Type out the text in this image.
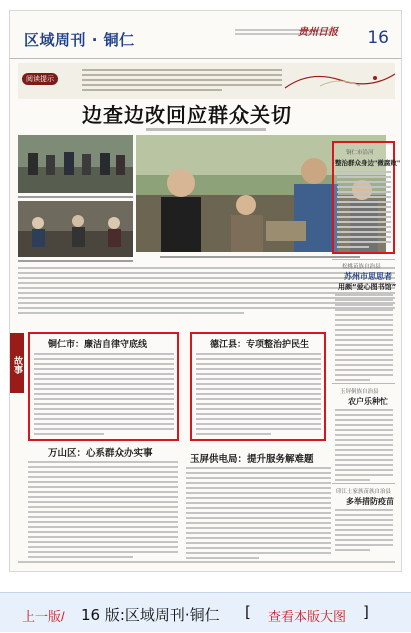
区域周刊 · 铜仁	贵州日报 16
阅读提示
边查边改回应群众关切
故事
铜仁市：廉洁自律守底线	德江县：专项整治护民生
万山区：心系群众办实事
玉屏供电局：提升服务解难题
铜仁市沿河
整治群众身边"微腐败"
松桃苗族自治县
苏州市思思者
用颇“爱心图书馆”
玉屏侗族自治县
农户乐种忙
印江土家族苗族自治县
多举措防疫苗
上一版/ 16 版:区域周刊·铜仁 [ 查看本版大图 ]
